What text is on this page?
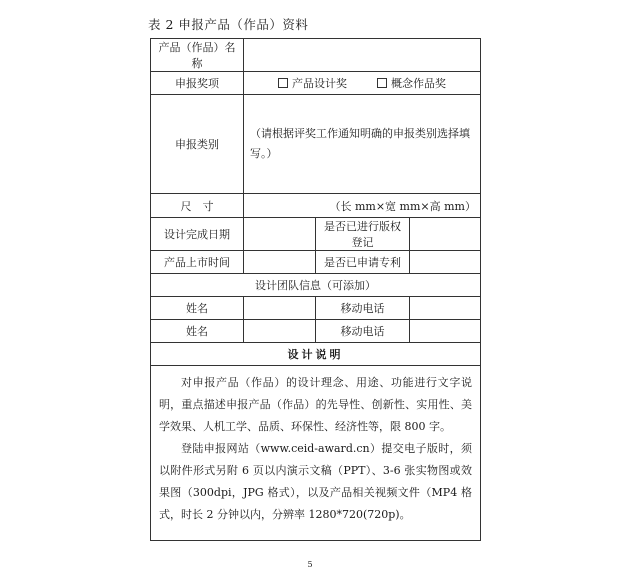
表 2 申报产品（作品）资料
产品（作品）名称			
申报奖项	产品设计奖 概念作品奖		

申报类别	（请根据评奖工作通知明确的申报类别选择填写。）		
尺　寸	（长 mm×宽 mm×高 mm）		
设计完成日期		是否已进行版权登记	
产品上市时间		是否已申请专利	
设计团队信息（可添加）			
姓名		移动电话	
姓名		移动电话	
设计说明			

对申报产品（作品）的设计理念、用途、功能进行文字说明，重点描述申报产品（作品）的先导性、创新性、实用性、美学效果、人机工学、品质、环保性、经济性等，限 800 字。

登陆申报网站（www.ceid-award.cn）提交电子版时，须以附件形式另附 6 页以内演示文稿（PPT）、3-6 张实物图或效果图（300dpi，JPG 格式），以及产品相关视频文件（MP4 格式，时长 2 分钟以内，分辨率 1280*720(720p)。			

5
